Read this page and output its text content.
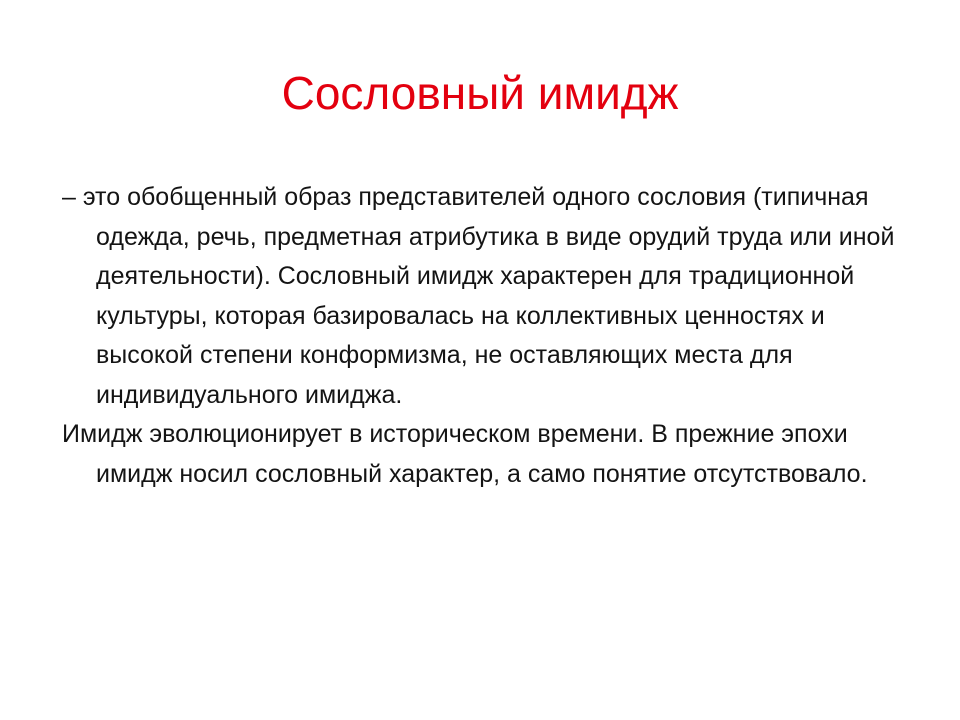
Сословный имидж

– это обобщенный образ представителей одного сословия (типичная одежда, речь, предметная атрибутика в виде орудий труда или иной деятельности). Сословный имидж характерен для традиционной культуры, которая базировалась на коллективных ценностях и высокой степени конформизма, не оставляющих места для индивидуального имиджа.

Имидж эволюционирует в историческом времени. В прежние эпохи имидж носил сословный характер, а само понятие отсутствовало.
